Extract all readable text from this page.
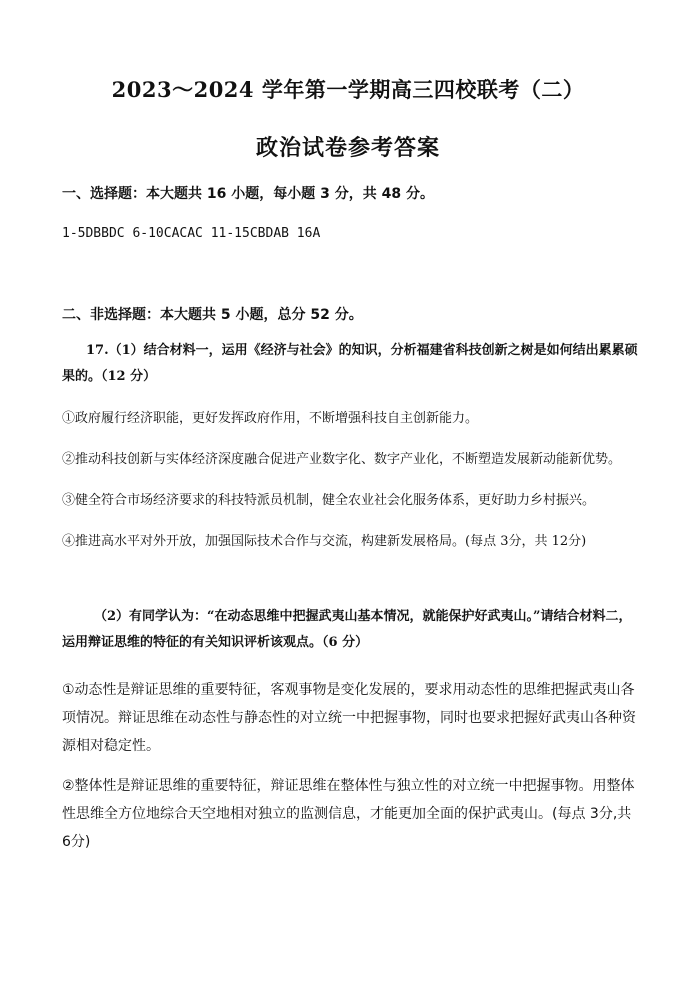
2023～2024 学年第一学期高三四校联考（二）
政治试卷参考答案
一、选择题：本大题共 16 小题，每小题 3 分，共 48 分。
1-5DBBDC 6-10CACAC 11-15CBDAB 16A
二、非选择题：本大题共 5 小题，总分 52 分。
17.（1）结合材料一，运用《经济与社会》的知识，分析福建省科技创新之树是如何结出累累硕果的。（12 分）
①政府履行经济职能，更好发挥政府作用，不断增强科技自主创新能力。
②推动科技创新与实体经济深度融合促进产业数字化、数字产业化，不断塑造发展新动能新优势。
③健全符合市场经济要求的科技特派员机制，健全农业社会化服务体系，更好助力乡村振兴。
④推进高水平对外开放，加强国际技术合作与交流，构建新发展格局。(每点 3分，共 12分)
（2）有同学认为：“在动态思维中把握武夷山基本情况，就能保护好武夷山。”请结合材料二，运用辩证思维的特征的有关知识评析该观点。（6 分）
①动态性是辩证思维的重要特征，客观事物是变化发展的，要求用动态性的思维把握武夷山各项情况。辩证思维在动态性与静态性的对立统一中把握事物，同时也要求把握好武夷山各种资源相对稳定性。
②整体性是辩证思维的重要特征，辩证思维在整体性与独立性的对立统一中把握事物。用整体性思维全方位地综合天空地相对独立的监测信息，才能更加全面的保护武夷山。(每点 3分,共 6分)
